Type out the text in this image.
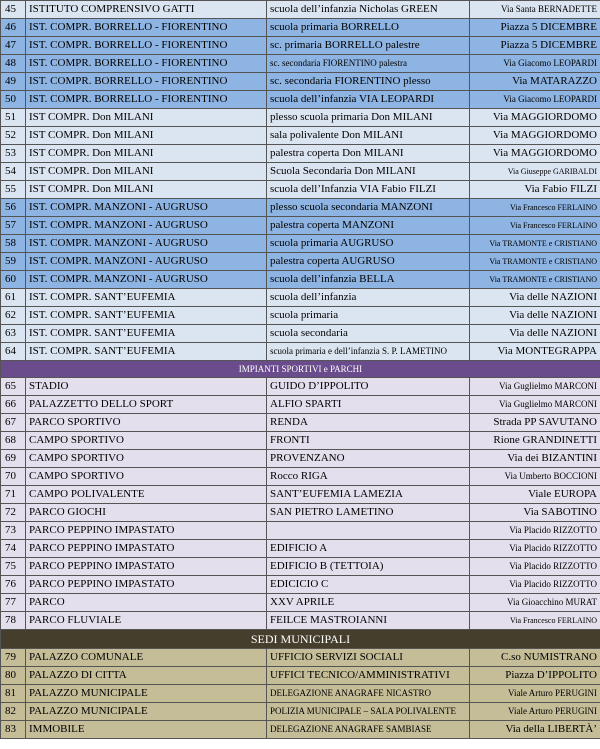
45	ISTITUTO COMPRENSIVO GATTI	scuola dell’infanzia Nicholas GREEN	Via Santa BERNADETTE
46	IST. COMPR. BORRELLO - FIORENTINO	scuola primaria BORRELLO	Piazza 5 DICEMBRE
47	IST. COMPR. BORRELLO - FIORENTINO	sc. primaria BORRELLO palestre	Piazza 5 DICEMBRE
48	IST. COMPR. BORRELLO - FIORENTINO	sc. secondaria FIORENTINO palestra	Via Giacomo LEOPARDI
49	IST. COMPR. BORRELLO - FIORENTINO	sc. secondaria FIORENTINO plesso	Via MATARAZZO
50	IST. COMPR. BORRELLO - FIORENTINO	scuola dell’infanzia VIA LEOPARDI	Via Giacomo LEOPARDI
51	IST COMPR. Don MILANI	plesso scuola primaria Don MILANI	Via MAGGIORDOMO
52	IST COMPR. Don MILANI	sala polivalente Don MILANI	Via MAGGIORDOMO
53	IST COMPR. Don MILANI	palestra coperta Don MILANI	Via MAGGIORDOMO
54	IST COMPR. Don MILANI	Scuola Secondaria Don MILANI	Via Giuseppe GARIBALDI
55	IST COMPR. Don MILANI	scuola dell’Infanzia VIA Fabio FILZI	Via Fabio FILZI
56	IST. COMPR. MANZONI - AUGRUSO	plesso scuola secondaria MANZONI	Via Francesco FERLAINO
57	IST. COMPR. MANZONI - AUGRUSO	palestra coperta MANZONI	Via Francesco FERLAINO
58	IST. COMPR. MANZONI - AUGRUSO	scuola primaria AUGRUSO	Via TRAMONTE e CRISTIANO
59	IST. COMPR. MANZONI - AUGRUSO	palestra coperta AUGRUSO	Via TRAMONTE e CRISTIANO
60	IST. COMPR. MANZONI - AUGRUSO	scuola dell’infanzia BELLA	Via TRAMONTE e CRISTIANO
61	IST. COMPR. SANT’EUFEMIA	scuola dell’infanzia	Via delle NAZIONI
62	IST. COMPR. SANT’EUFEMIA	scuola primaria	Via delle NAZIONI
63	IST. COMPR. SANT’EUFEMIA	scuola secondaria	Via delle NAZIONI
64	IST. COMPR. SANT’EUFEMIA	scuola primaria e dell’infanzia S. P. LAMETINO	Via MONTEGRAPPA
IMPIANTI SPORTIVI e PARCHI			
65	STADIO	GUIDO D’IPPOLITO	Via Guglielmo MARCONI
66	PALAZZETTO DELLO SPORT	ALFIO SPARTI	Via Guglielmo MARCONI
67	PARCO SPORTIVO	RENDA	Strada PP SAVUTANO
68	CAMPO SPORTIVO	FRONTI	Rione GRANDINETTI
69	CAMPO SPORTIVO	PROVENZANO	Via dei BIZANTINI
70	CAMPO SPORTIVO	Rocco RIGA	Via Umberto BOCCIONI
71	CAMPO POLIVALENTE	SANT’EUFEMIA LAMEZIA	Viale EUROPA
72	PARCO GIOCHI	SAN PIETRO LAMETINO	Via SABOTINO
73	PARCO PEPPINO IMPASTATO		Via Placido RIZZOTTO
74	PARCO PEPPINO IMPASTATO	EDIFICIO A	Via Placido RIZZOTTO
75	PARCO PEPPINO IMPASTATO	EDIFICIO B (TETTOIA)	Via Placido RIZZOTTO
76	PARCO PEPPINO IMPASTATO	EDICICIO C	Via Placido RIZZOTTO
77	PARCO	XXV APRILE	Via Gioacchino MURAT
78	PARCO FLUVIALE	FEILCE MASTROIANNI	Via Francesco FERLAINO
SEDI MUNICIPALI			
79	PALAZZO COMUNALE	UFFICIO SERVIZI SOCIALI	C.so NUMISTRANO
80	PALAZZO DI CITTA	UFFICI TECNICO/AMMINISTRATIVI	Piazza D’IPPOLITO
81	PALAZZO MUNICIPALE	DELEGAZIONE ANAGRAFE NICASTRO	Viale Arturo PERUGINI
82	PALAZZO MUNICIPALE	POLIZIA MUNICIPALE – SALA POLIVALENTE	Viale Arturo PERUGINI
83	IMMOBILE	DELEGAZIONE ANAGRAFE SAMBIASE	Via della LIBERTÀ’
